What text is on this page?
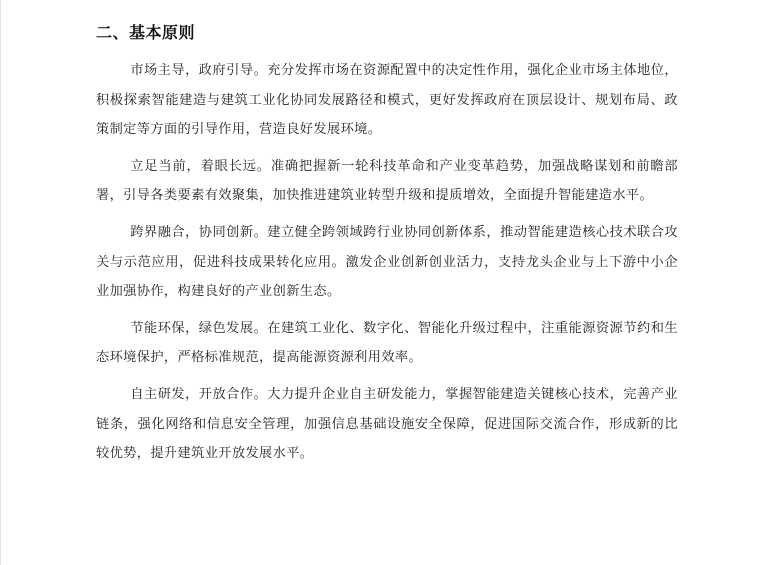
二、基本原则

市场主导，政府引导。充分发挥市场在资源配置中的决定性作用，强化企业市场主体地位，积极探索智能建造与建筑工业化协同发展路径和模式，更好发挥政府在顶层设计、规划布局、政策制定等方面的引导作用，营造良好发展环境。

立足当前，着眼长远。准确把握新一轮科技革命和产业变革趋势，加强战略谋划和前瞻部署，引导各类要素有效聚集，加快推进建筑业转型升级和提质增效，全面提升智能建造水平。

跨界融合，协同创新。建立健全跨领域跨行业协同创新体系，推动智能建造核心技术联合攻关与示范应用，促进科技成果转化应用。激发企业创新创业活力，支持龙头企业与上下游中小企业加强协作，构建良好的产业创新生态。

节能环保，绿色发展。在建筑工业化、数字化、智能化升级过程中，注重能源资源节约和生态环境保护，严格标准规范，提高能源资源利用效率。

自主研发，开放合作。大力提升企业自主研发能力，掌握智能建造关键核心技术，完善产业链条，强化网络和信息安全管理，加强信息基础设施安全保障，促进国际交流合作，形成新的比较优势，提升建筑业开放发展水平。
